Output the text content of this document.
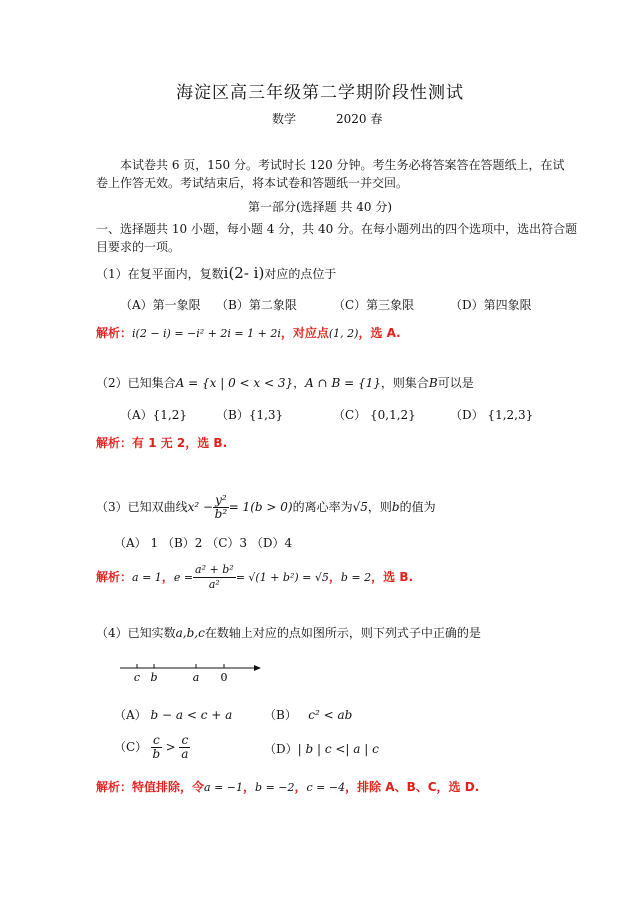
海淀区高三年级第二学期阶段性测试
数学	2020 春
本试卷共 6 页，150 分。考试时长 120 分钟。考生务必将答案答在答题纸上，在试
卷上作答无效。考试结束后，将本试卷和答题纸一并交回。
第一部分(选择题 共 40 分)
一、选择题共 10 小题，每小题 4 分，共 40 分。在每小题列出的四个选项中，选出符合题
目要求的一项。
（1）在复平面内，复数i(2- i)对应的点位于
（A）第一象限 （B）第二象限	（C）第三象限	（D）第四象限
解析：i(2 − i) = −i² + 2i = 1 + 2i，对应点(1, 2)，选 A.
（2）已知集合A = {x | 0 < x < 3}，A ∩ B = {1}，则集合B可以是
（A）{1,2} （B）{1,3}	（C） {0,1,2}	（D） {1,2,3}
解析：有 1 无 2，选 B.
（3）已知双曲线$x^2 - \frac{\text{y²}}{\text{b²}} = 1(b > 0)$的离心率为√5，则b的值为
（A） 1 （B）2 （C）3 （D）4
解析：a = 1，$e = \frac{\text{a² + b²}}{\text{a²}} = √(1 + b^2) = √5$，b = 2，选 B.
（4）已知实数a,b,c在数轴上对应的点如图所示，则下列式子中正确的是
c b	a 0
（A） b − a < c + a	（B） c² < ab
$(C) \frac{c}{b} > \frac{c}{a}$	（D）| b | c <| a | c
解析：特值排除，令a = −1，b = −2，c = −4，排除 A、B、C，选 D.
